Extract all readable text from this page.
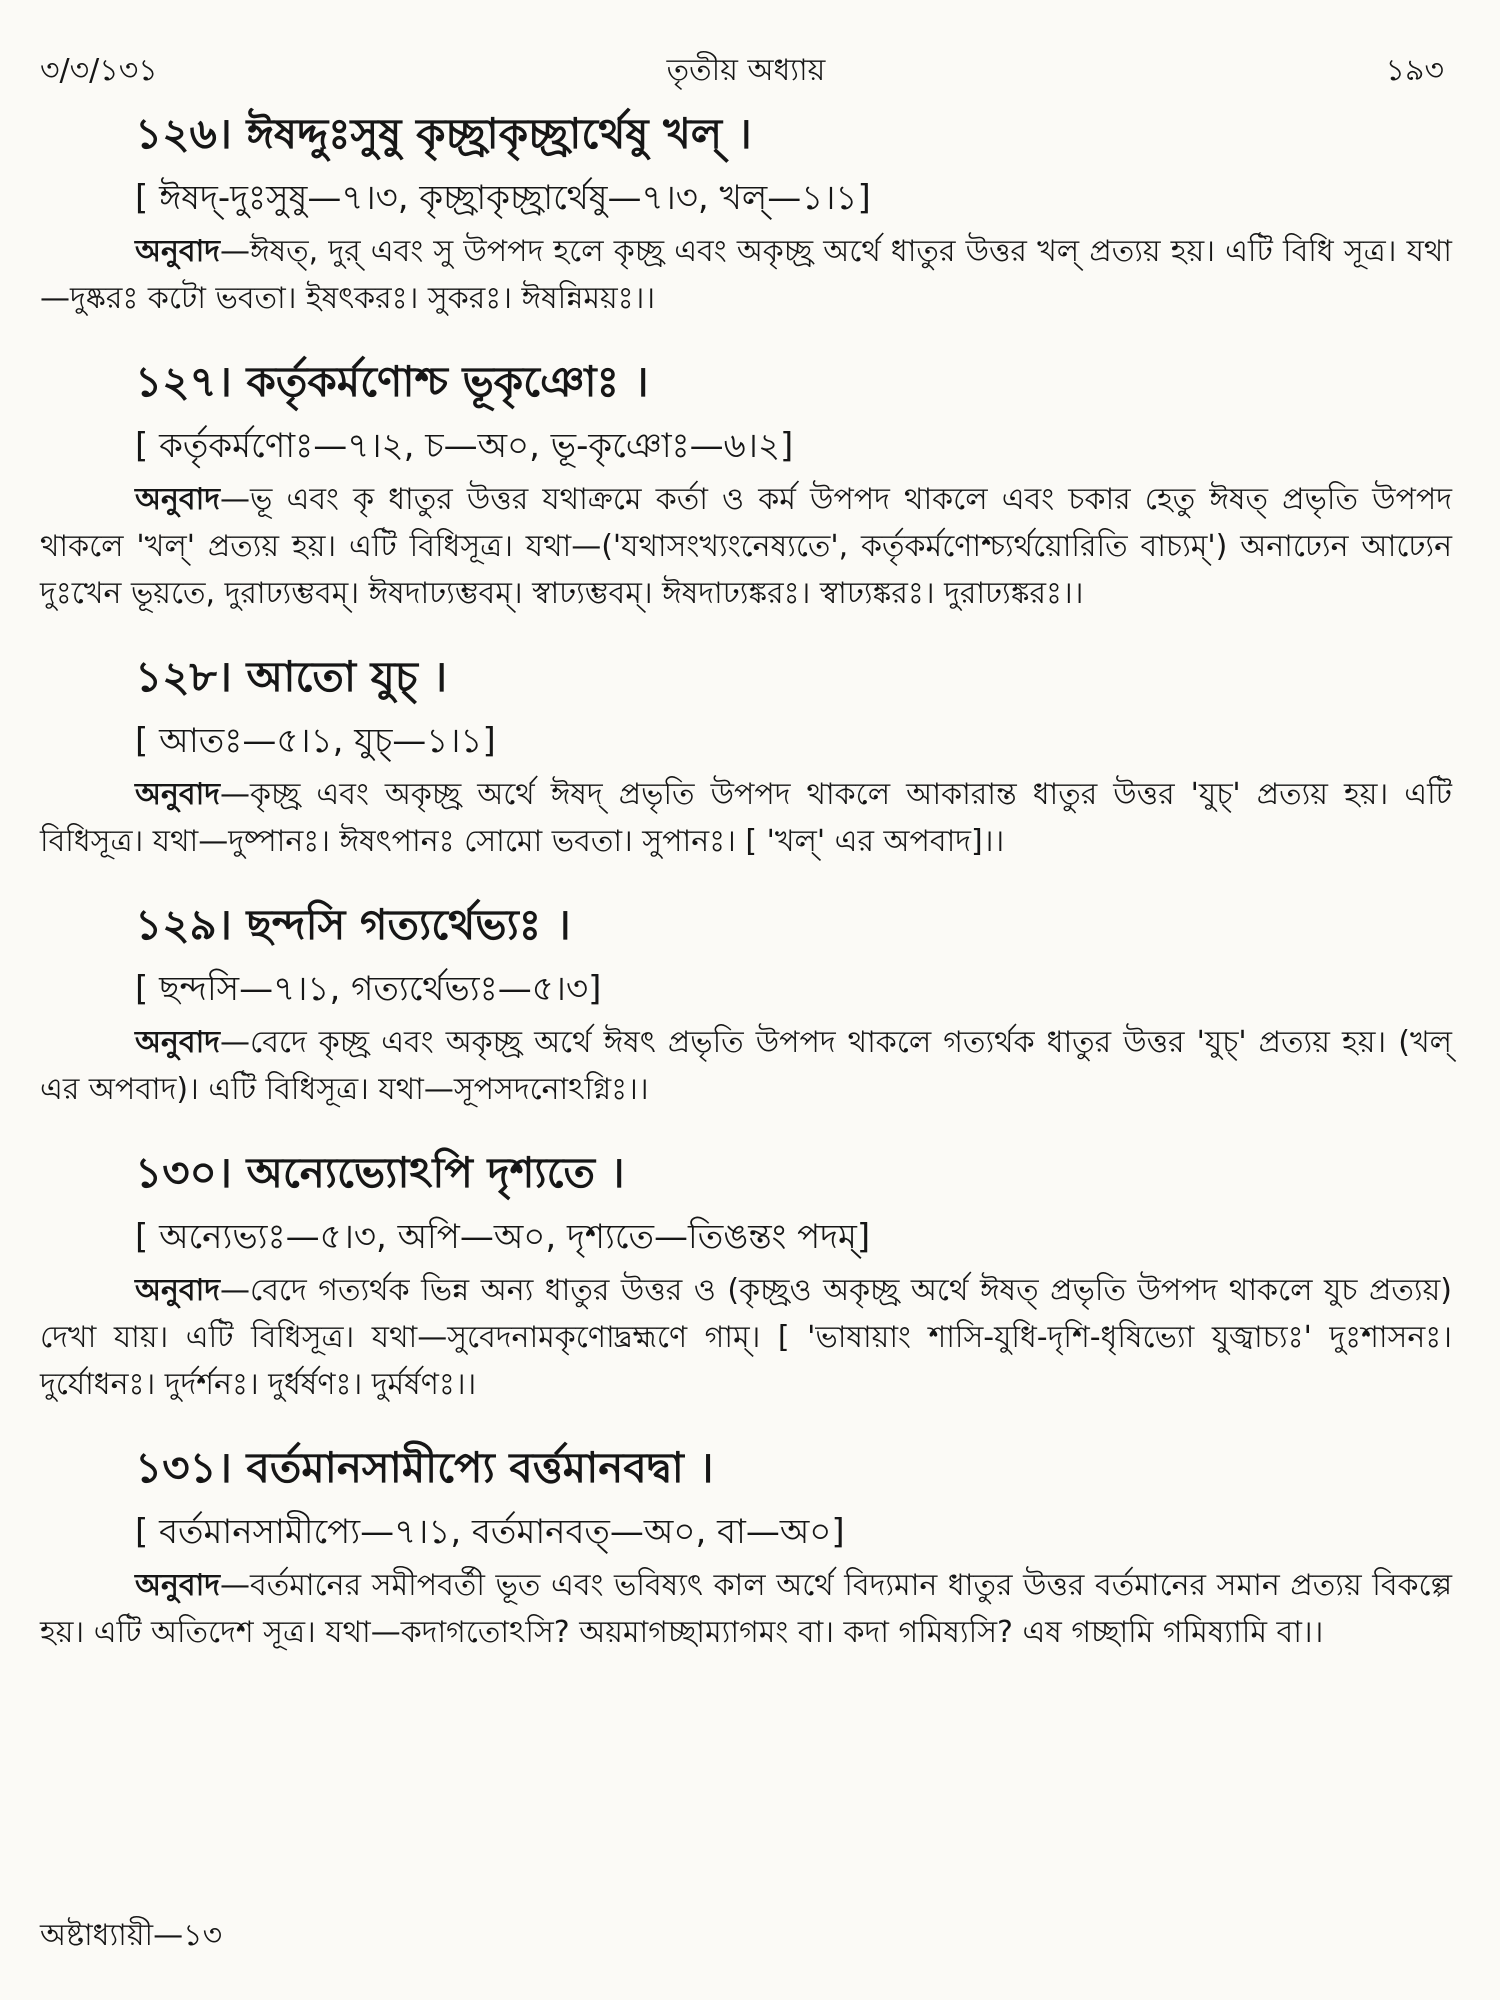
৩/৩/১৩১	তৃতীয় অধ্যায়	১৯৩
১২৬। ঈষদ্দুঃসুষু কৃচ্ছ্রাকৃচ্ছ্রার্থেষু খল্ ।
[ ঈষদ্-দুঃসুষু—৭।৩, কৃচ্ছ্রাকৃচ্ছ্রার্থেষু—৭।৩, খল্—১।১]

অনুবাদ—ঈষত্, দুর্ এবং সু উপপদ হলে কৃচ্ছ্র এবং অকৃচ্ছ্র অর্থে ধাতুর উত্তর খল্ প্রত্যয় হয়। এটি বিধি সূত্র। যথা—দুষ্করঃ কটো ভবতা। ইষৎকরঃ। সুকরঃ। ঈষন্নিময়ঃ।।

১২৭। কর্তৃকর্মণোশ্চ ভূকৃঞোঃ ।
[ কর্তৃকর্মণোঃ—৭।২, চ—অ০, ভূ-কৃঞোঃ—৬।২]

অনুবাদ—ভূ এবং কৃ ধাতুর উত্তর যথাক্রমে কর্তা ও কর্ম উপপদ থাকলে এবং চকার হেতু ঈষত্ প্রভৃতি উপপদ থাকলে 'খল্' প্রত্যয় হয়। এটি বিধিসূত্র। যথা—('যথাসংখ্যংনেষ্যতে', কর্তৃকর্মণোশ্চ্যর্থয়োরিতি বাচ্যম্') অনাঢ্যেন আঢ্যেন দুঃখেন ভূয়তে, দুরাঢ্যম্ভবম্। ঈষদাঢ্যম্ভবম্। স্বাঢ্যম্ভবম্। ঈষদাঢ্যঙ্করঃ। স্বাঢ্যঙ্করঃ। দুরাঢ্যঙ্করঃ।।

১২৮। আতো যুচ্ ।
[ আতঃ—৫।১, যুচ্—১।১]

অনুবাদ—কৃচ্ছ্র এবং অকৃচ্ছ্র অর্থে ঈষদ্ প্রভৃতি উপপদ থাকলে আকারান্ত ধাতুর উত্তর 'যুচ্' প্রত্যয় হয়। এটি বিধিসূত্র। যথা—দুষ্পানঃ। ঈষৎপানঃ সোমো ভবতা। সুপানঃ। [ 'খল্' এর অপবাদ]।।

১২৯। ছন্দসি গত্যর্থেভ্যঃ ।
[ ছন্দসি—৭।১, গত্যর্থেভ্যঃ—৫।৩]

অনুবাদ—বেদে কৃচ্ছ্র এবং অকৃচ্ছ্র অর্থে ঈষৎ প্রভৃতি উপপদ থাকলে গত্যর্থক ধাতুর উত্তর 'যুচ্' প্রত্যয় হয়। (খল্ এর অপবাদ)। এটি বিধিসূত্র। যথা—সূপসদনোঽগ্নিঃ।।

১৩০। অন্যেভ্যোঽপি দৃশ্যতে ।
[ অন্যেভ্যঃ—৫।৩, অপি—অ০, দৃশ্যতে—তিঙন্তং পদম্]

অনুবাদ—বেদে গত্যর্থক ভিন্ন অন্য ধাতুর উত্তর ও (কৃচ্ছ্রও অকৃচ্ছ্র অর্থে ঈষত্ প্রভৃতি উপপদ থাকলে যুচ প্রত্যয়) দেখা যায়। এটি বিধিসূত্র। যথা—সুবেদনামকৃণোদ্ব্রহ্মণে গাম্। [ 'ভাষায়াং শাসি-যুধি-দৃশি-ধৃষিভ্যো যুজ্বাচ্যঃ' দুঃশাসনঃ। দুর্যোধনঃ। দুর্দর্শনঃ। দুর্ধর্ষণঃ। দুর্মর্ষণঃ।।

১৩১। বর্তমানসামীপ্যে বর্ত্তমানবদ্বা ।
[ বর্তমানসামীপ্যে—৭।১, বর্তমানবত্—অ০, বা—অ০]

অনুবাদ—বর্তমানের সমীপবর্তী ভূত এবং ভবিষ্যৎ কাল অর্থে বিদ্যমান ধাতুর উত্তর বর্তমানের সমান প্রত্যয় বিকল্পে হয়। এটি অতিদেশ সূত্র। যথা—কদাগতোঽসি? অয়মাগচ্ছাম্যাগমং বা। কদা গমিষ্যসি? এষ গচ্ছামি গমিষ্যামি বা।।

অষ্টাধ্যায়ী—১৩
